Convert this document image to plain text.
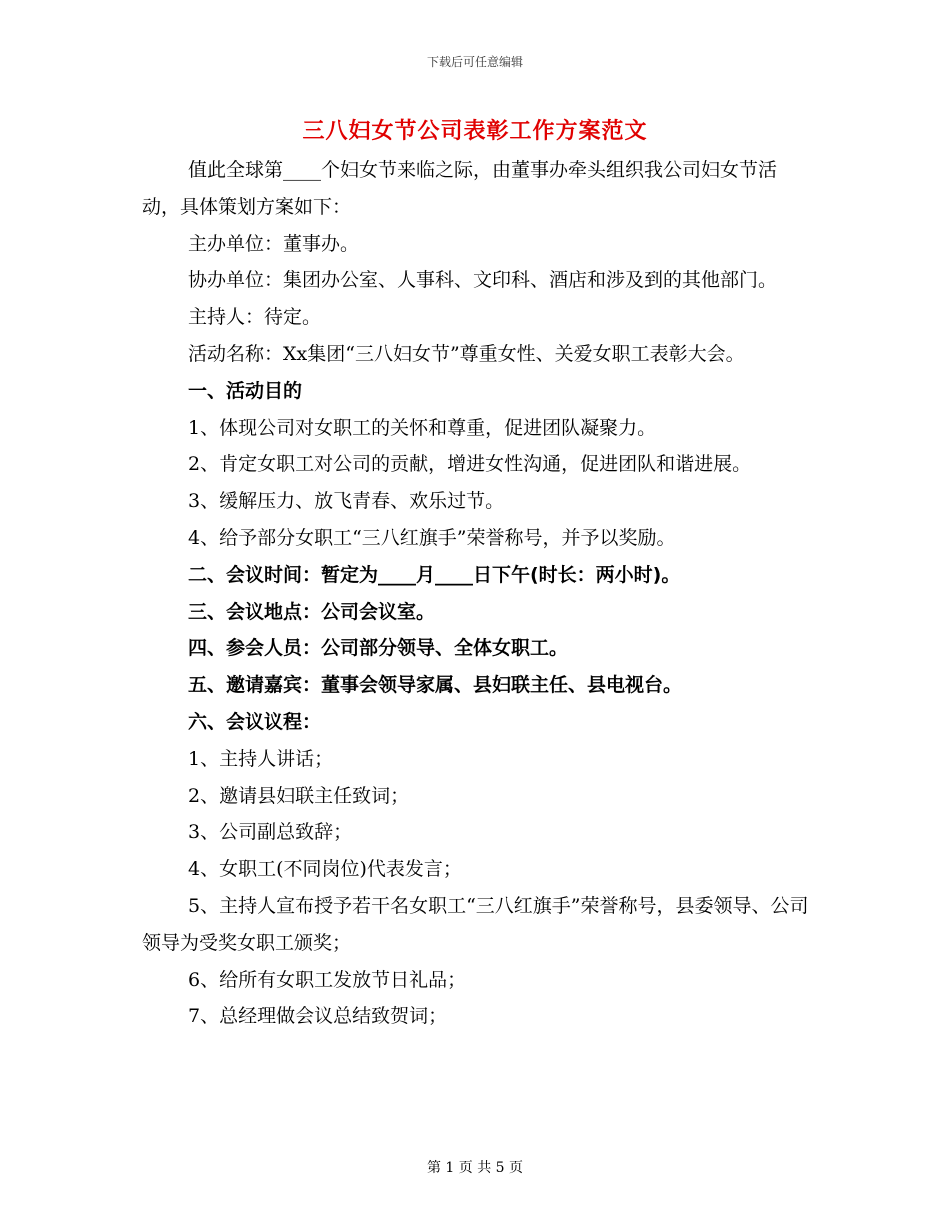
下载后可任意编辑
三八妇女节公司表彰工作方案范文

值此全球第____个妇女节来临之际，由董事办牵头组织我公司妇女节活动，具体策划方案如下：

主办单位：董事办。

协办单位：集团办公室、人事科、文印科、酒店和涉及到的其他部门。

主持人：待定。

活动名称：Xx集团“三八妇女节”尊重女性、关爱女职工表彰大会。

一、活动目的

1、体现公司对女职工的关怀和尊重，促进团队凝聚力。

2、肯定女职工对公司的贡献，增进女性沟通，促进团队和谐进展。

3、缓解压力、放飞青春、欢乐过节。

4、给予部分女职工“三八红旗手”荣誉称号，并予以奖励。

二、会议时间：暂定为____月____日下午(时长：两小时)。

三、会议地点：公司会议室。

四、参会人员：公司部分领导、全体女职工。

五、邀请嘉宾：董事会领导家属、县妇联主任、县电视台。

六、会议议程：

1、主持人讲话；

2、邀请县妇联主任致词；

3、公司副总致辞；

4、女职工(不同岗位)代表发言；

5、主持人宣布授予若干名女职工“三八红旗手”荣誉称号，县委领导、公司领导为受奖女职工颁奖；

6、给所有女职工发放节日礼品；

7、总经理做会议总结致贺词；

第 1 页 共 5 页
